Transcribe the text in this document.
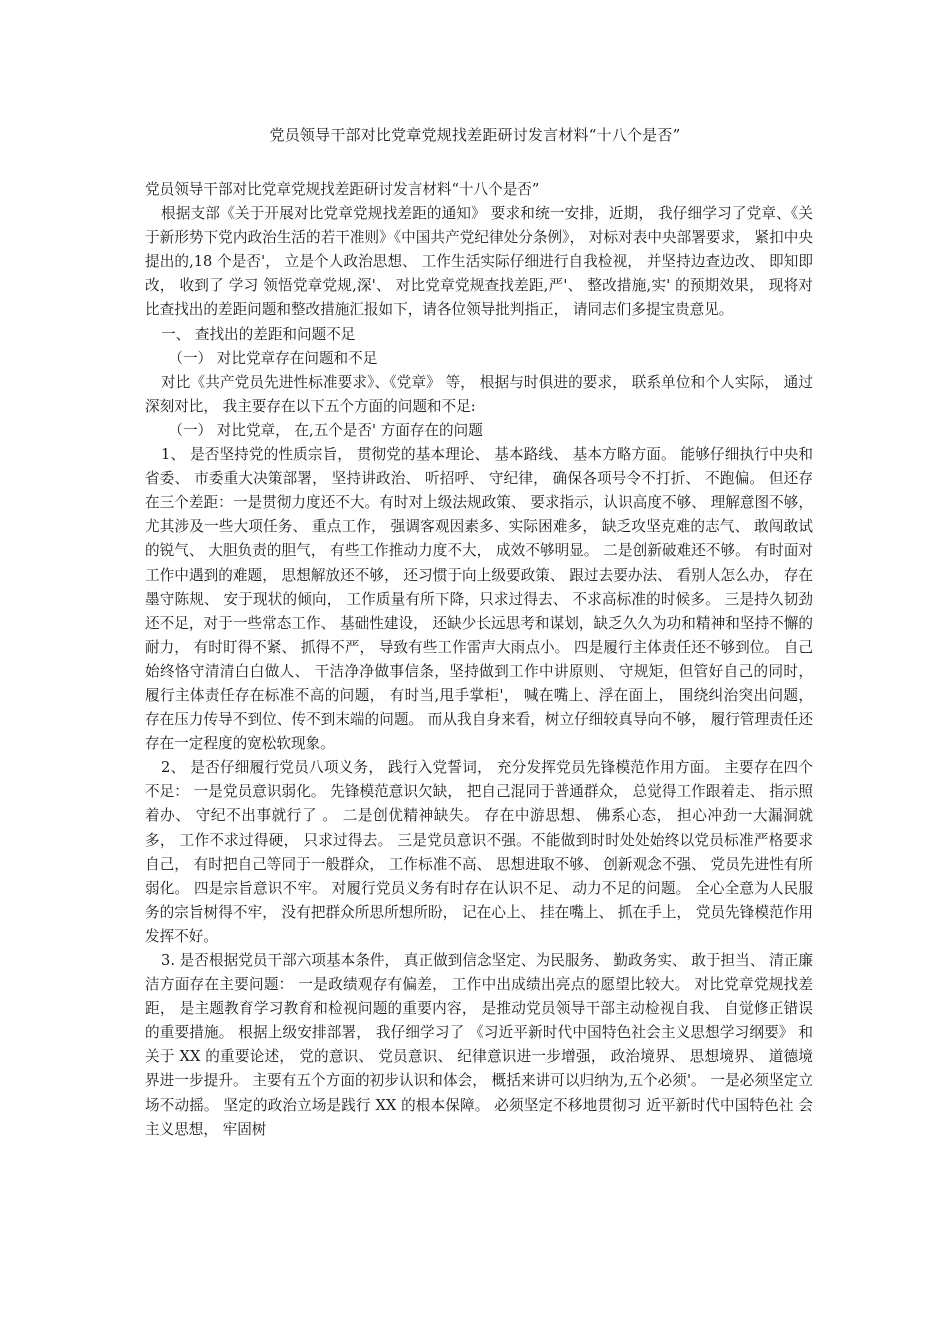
党员领导干部对比党章党规找差距研讨发言材料“十八个是否”

党员领导干部对比党章党规找差距研讨发言材料“十八个是否”

根据支部《关于开展对比党章党规找差距的通知》 要求和统一安排，近期， 我仔细学习了党章、《关于新形势下党内政治生活的若干准则》《中国共产党纪律处分条例》， 对标对表中央部署要求， 紧扣中央提出的,18 个是否'， 立是个人政治思想、 工作生活实际仔细进行自我检视， 并坚持边查边改、 即知即改， 收到了 学习 领悟党章党规,深'、 对比党章党规查找差距,严'、 整改措施,实' 的预期效果， 现将对比查找出的差距问题和整改措施汇报如下，请各位领导批判指正， 请同志们多提宝贵意见。

一、 查找出的差距和问题不足

（一） 对比党章存在问题和不足

对比《共产党员先进性标准要求》、《党章》 等， 根据与时俱进的要求， 联系单位和个人实际， 通过深刻对比， 我主要存在以下五个方面的问题和不足:

（一） 对比党章， 在,五个是否' 方面存在的问题

1、 是否坚持党的性质宗旨， 贯彻党的基本理论、 基本路线、 基本方略方面。 能够仔细执行中央和省委、 市委重大决策部署， 坚持讲政治、 听招呼、 守纪律， 确保各项号令不打折、 不跑偏。 但还存在三个差距：一是贯彻力度还不大。有时对上级法规政策、 要求指示，认识高度不够、 理解意图不够， 尤其涉及一些大项任务、 重点工作， 强调客观因素多、实际困难多， 缺乏攻坚克难的志气、 敢闯敢试的锐气、 大胆负责的胆气， 有些工作推动力度不大， 成效不够明显。 二是创新破难还不够。 有时面对工作中遇到的难题， 思想解放还不够， 还习惯于向上级要政策、 跟过去要办法、 看别人怎么办， 存在墨守陈规、 安于现状的倾向， 工作质量有所下降，只求过得去、 不求高标准的时候多。 三是持久韧劲还不足，对于一些常态工作、 基础性建设， 还缺少长远思考和谋划，缺乏久久为功和精神和坚持不懈的耐力， 有时盯得不紧、 抓得不严， 导致有些工作雷声大雨点小。 四是履行主体责任还不够到位。 自己始终恪守清清白白做人、 干洁净净做事信条，坚持做到工作中讲原则、 守规矩，但管好自己的同时， 履行主体责任存在标准不高的问题， 有时当,甩手掌柜'， 喊在嘴上、浮在面上， 围绕纠治突出问题， 存在压力传导不到位、传不到末端的问题。 而从我自身来看，树立仔细较真导向不够， 履行管理责任还存在一定程度的宽松软现象。

2、 是否仔细履行党员八项义务， 践行入党誓词， 充分发挥党员先锋模范作用方面。 主要存在四个不足： 一是党员意识弱化。 先锋模范意识欠缺， 把自己混同于普通群众， 总觉得工作跟着走、 指示照着办、 守纪不出事就行了 。 二是创优精神缺失。 存在中游思想、 佛系心态， 担心冲劲一大漏洞就多， 工作不求过得硬， 只求过得去。 三是党员意识不强。不能做到时时处处始终以党员标准严格要求自己， 有时把自己等同于一般群众， 工作标准不高、 思想进取不够、 创新观念不强、 党员先进性有所弱化。 四是宗旨意识不牢。 对履行党员义务有时存在认识不足、 动力不足的问题。 全心全意为人民服务的宗旨树得不牢， 没有把群众所思所想所盼， 记在心上、 挂在嘴上、 抓在手上， 党员先锋模范作用发挥不好。

3. 是否根据党员干部六项基本条件， 真正做到信念坚定、为民服务、 勤政务实、 敢于担当、 清正廉洁方面存在主要问题： 一是政绩观存有偏差， 工作中出成绩出亮点的愿望比较大。 对比党章党规找差距， 是主题教育学习教育和检视问题的重要内容， 是推动党员领导干部主动检视自我、 自觉修正错误的重要措施。 根据上级安排部署， 我仔细学习了 《习近平新时代中国特色社会主义思想学习纲要》 和关于 XX 的重要论述， 党的意识、 党员意识、 纪律意识进一步增强， 政治境界、 思想境界、 道德境界进一步提升。 主要有五个方面的初步认识和体会， 概括来讲可以归纳为,五个必须'。 一是必须坚定立场不动摇。 坚定的政治立场是践行 XX 的根本保障。 必须坚定不移地贯彻习 近平新时代中国特色社 会主义思想， 牢固树
